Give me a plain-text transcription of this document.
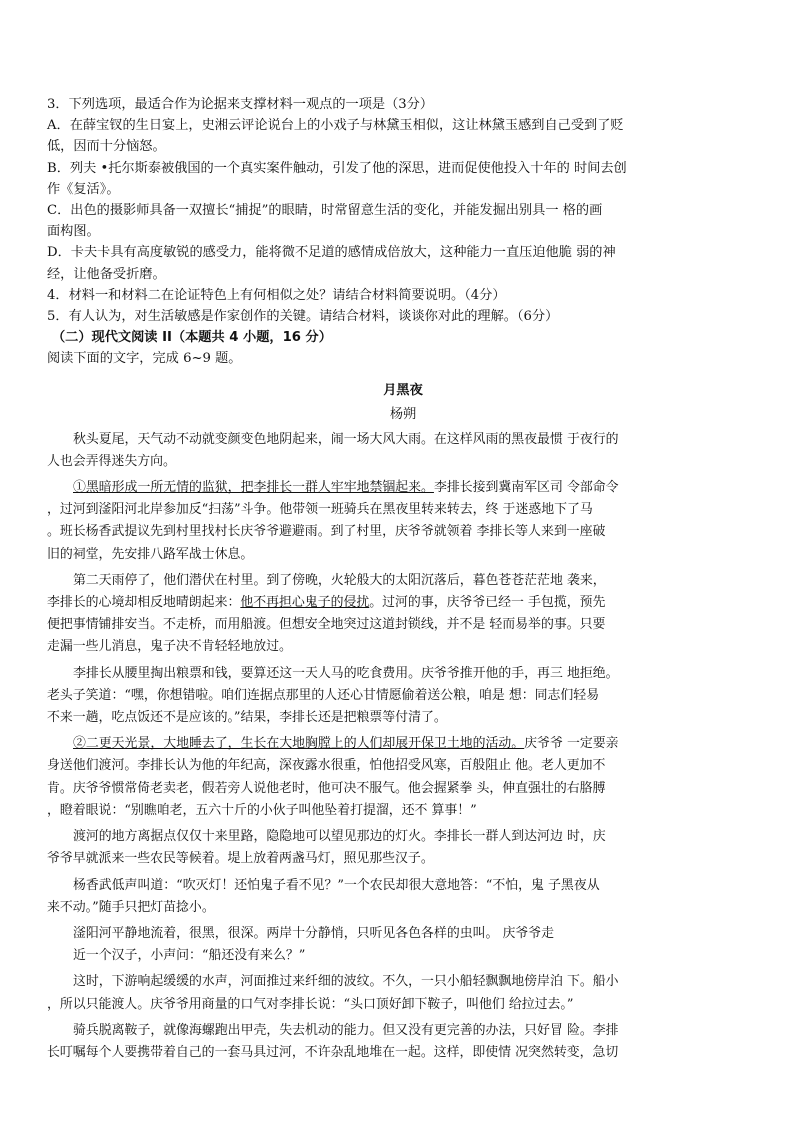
3．下列选项，最适合作为论据来支撑材料一观点的一项是（3分）

A．在薛宝钗的生日宴上，史湘云评论说台上的小戏子与林黛玉相似，这让林黛玉感到自己受到了贬

低，因而十分恼怒。

B．列夫 •托尔斯泰被俄国的一个真实案件触动，引发了他的深思，进而促使他投入十年的 时间去创

作《复活》。

C．出色的摄影师具备一双擅长“捕捉”的眼睛，时常留意生活的变化，并能发掘出别具一 格的画

面构图。

D．卡夫卡具有高度敏锐的感受力，能将微不足道的感情成倍放大，这种能力一直压迫他脆 弱的神

经，让他备受折磨。

4．材料一和材料二在论证特色上有何相似之处？请结合材料简要说明。（4分）

5．有人认为，对生活敏感是作家创作的关键。请结合材料，谈谈你对此的理解。（6分）

（二）现代文阅读 II（本题共 4 小题，16 分）

阅读下面的文字，完成 6~9 题。

月黑夜

杨朔

秋头夏尾，天气动不动就变颜变色地阴起来，闹一场大风大雨。在这样风雨的黑夜最惯 于夜行的

人也会弄得迷失方向。

①黑暗形成一所无情的监狱，把李排长一群人牢牢地禁锢起来。李排长接到冀南军区司 令部命令

，过河到滏阳河北岸参加反“扫荡”斗争。他带领一班骑兵在黑夜里转来转去，终 于迷惑地下了马

。班长杨香武提议先到村里找村长庆爷爷避避雨。到了村里，庆爷爷就领着 李排长等人来到一座破

旧的祠堂，先安排八路军战士休息。

第二天雨停了，他们潜伏在村里。到了傍晚，火轮般大的太阳沉落后，暮色苍苍茫茫地 袭来，

李排长的心境却相反地晴朗起来：他不再担心鬼子的侵扰。过河的事，庆爷爷已经一 手包揽，预先

便把事情铺排安当。不走桥，而用船渡。但想安全地突过这道封锁线，并不是 轻而易举的事。只要

走漏一些儿消息，鬼子决不肯轻轻地放过。

李排长从腰里掏出粮票和钱，要算还这一天人马的吃食费用。庆爷爷推开他的手，再三 地拒绝。

老头子笑道：“嘿，你想错啦。咱们连据点那里的人还心甘情愿偷着送公粮，咱是 想：同志们轻易

不来一趟，吃点饭还不是应该的。”结果，李排长还是把粮票等付清了。

②二更天光景，大地睡去了，生长在大地胸膛上的人们却展开保卫土地的活动。庆爷爷 一定要亲

身送他们渡河。李排长认为他的年纪高，深夜露水很重，怕他招受风寒，百般阻止 他。老人更加不

肯。庆爷爷惯常倚老卖老，假若旁人说他老时，他可决不服气。他会握紧拳 头，伸直强壮的右胳膊

，瞪着眼说：“别瞧咱老，五六十斤的小伙子叫他坠着打提溜，还不 算事！”

渡河的地方离据点仅仅十来里路，隐隐地可以望见那边的灯火。李排长一群人到达河边 时，庆

爷爷早就派来一些农民等候着。堤上放着两盏马灯，照见那些汉子。

杨香武低声叫道：“吹灭灯！还怕鬼子看不见？”一个农民却很大意地答：“不怕，鬼 子黑夜从

来不动。”随手只把灯苗捻小。

滏阳河平静地流着，很黑，很深。两岸十分静悄，只听见各色各样的虫叫。 庆爷爷走

近一个汉子，小声问：“船还没有来么？”

这时，下游响起缓缓的水声，河面推过来纤细的波纹。不久，一只小船轻飘飘地傍岸泊 下。船小

，所以只能渡人。庆爷爷用商量的口气对李排长说：“头口顶好卸下鞍子，叫他们 给拉过去。”

骑兵脱离鞍子，就像海螺跑出甲壳，失去机动的能力。但又没有更完善的办法，只好冒 险。李排

长叮嘱每个人要携带着自己的一套马具过河，不许杂乱地堆在一起。这样，即使情 况突然转变，急切
